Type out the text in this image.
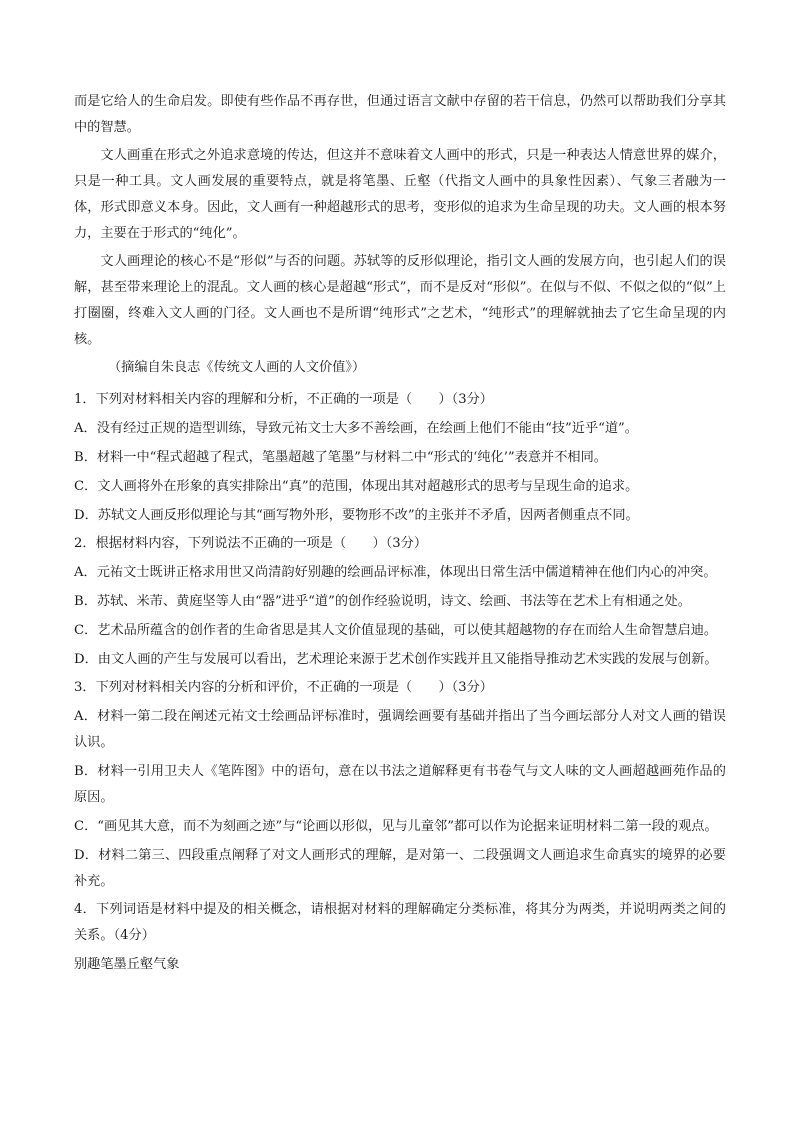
而是它给人的生命启发。即使有些作品不再存世，但通过语言文献中存留的若干信息，仍然可以帮助我们分享其中的智慧。

文人画重在形式之外追求意境的传达，但这并不意味着文人画中的形式，只是一种表达人情意世界的媒介，只是一种工具。文人画发展的重要特点，就是将笔墨、丘壑（代指文人画中的具象性因素）、气象三者融为一体，形式即意义本身。因此，文人画有一种超越形式的思考，变形似的追求为生命呈现的功夫。文人画的根本努力，主要在于形式的“纯化”。

文人画理论的核心不是“形似”与否的问题。苏轼等的反形似理论，指引文人画的发展方向，也引起人们的误解，甚至带来理论上的混乱。文人画的核心是超越“形式”，而不是反对“形似”。在似与不似、不似之似的“似”上打圈圈，终难入文人画的门径。文人画也不是所谓“纯形式”之艺术，“纯形式”的理解就抽去了它生命呈现的内核。

（摘编自朱良志《传统文人画的人文价值》）

1．下列对材料相关内容的理解和分析，不正确的一项是（　　）（3分）

A．没有经过正规的造型训练，导致元祐文士大多不善绘画，在绘画上他们不能由“技”近乎“道”。

B．材料一中“程式超越了程式，笔墨超越了笔墨”与材料二中“形式的‘纯化’”表意并不相同。

C．文人画将外在形象的真实排除出“真”的范围，体现出其对超越形式的思考与呈现生命的追求。

D．苏轼文人画反形似理论与其“画写物外形，要物形不改”的主张并不矛盾，因两者侧重点不同。

2．根据材料内容，下列说法不正确的一项是（　　）（3分）

A．元祐文士既讲正格求用世又尚清韵好别趣的绘画品评标准，体现出日常生活中儒道精神在他们内心的冲突。

B．苏轼、米芾、黄庭坚等人由“器”进乎“道”的创作经验说明，诗文、绘画、书法等在艺术上有相通之处。

C．艺术品所蕴含的创作者的生命省思是其人文价值显现的基础，可以使其超越物的存在而给人生命智慧启迪。

D．由文人画的产生与发展可以看出，艺术理论来源于艺术创作实践并且又能指导推动艺术实践的发展与创新。

3．下列对材料相关内容的分析和评价，不正确的一项是（　　）（3分）

A．材料一第二段在阐述元祐文士绘画品评标准时，强调绘画要有基础并指出了当今画坛部分人对文人画的错误认识。

B．材料一引用卫夫人《笔阵图》中的语句，意在以书法之道解释更有书卷气与文人味的文人画超越画苑作品的原因。

C．“画见其大意，而不为刻画之迹”与“论画以形似，见与儿童邻”都可以作为论据来证明材料二第一段的观点。

D．材料二第三、四段重点阐释了对文人画形式的理解，是对第一、二段强调文人画追求生命真实的境界的必要补充。

4．下列词语是材料中提及的相关概念，请根据对材料的理解确定分类标准，将其分为两类，并说明两类之间的关系。（4分）

别趣笔墨丘壑气象
